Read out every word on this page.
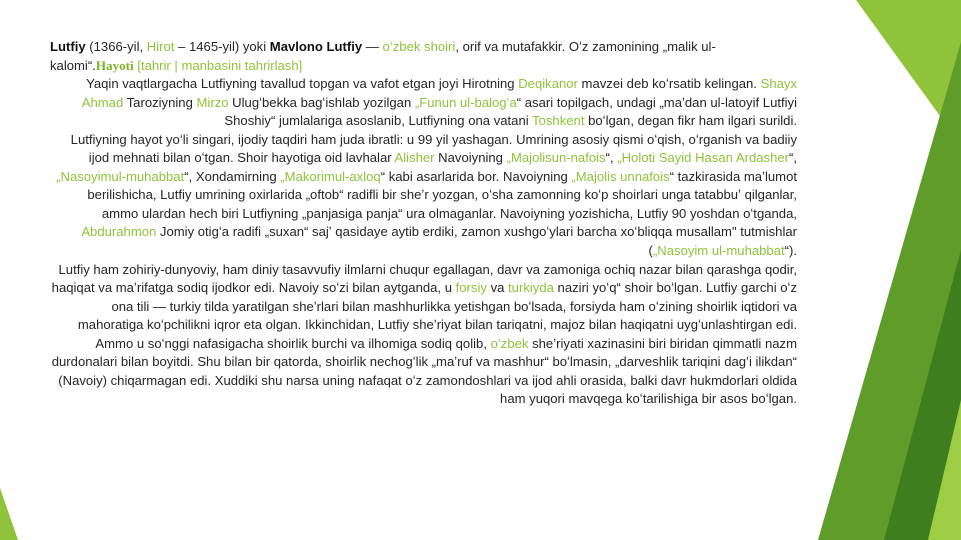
Lutfiy (1366-yil, Hirot – 1465-yil) yoki Mavlono Lutfiy — oʻzbek shoiri, orif va mutafakkir. Oʻz zamonining „malik ul-kalomi“.Hayoti [tahrir | manbasini tahrirlash]

Yaqin vaqtlargacha Lutfiyning tavallud topgan va vafot etgan joyi Hirotning Deqikanor mavzei deb koʻrsatib kelingan. Shayx Ahmad Taroziyning Mirzo Ulugʻbekka bagʻishlab yozilgan „Funun ul-balogʻa“ asari topilgach, undagi „maʼdan ul-latoyif Lutfiyi Shoshiy“ jumlalariga asoslanib, Lutfiyning ona vatani Toshkent boʻlgan, degan fikr ham ilgari surildi.

Lutfiyning hayot yoʻli singari, ijodiy taqdiri ham juda ibratli: u 99 yil yashagan. Umrining asosiy qismi oʻqish, oʻrganish va badiiy ijod mehnati bilan oʻtgan. Shoir hayotiga oid lavhalar Alisher Navoiyning „Majolisun-nafois“, „Holoti Sayid Hasan Ardasher“, „Nasoyimul-muhabbat“, Xondamirning „Makorimul-axloq“ kabi asarlarida bor. Navoiyning „Majolis unnafois“ tazkirasida maʼlumot berilishicha, Lutfiy umrining oxirlarida „oftob“ radifli bir sheʼr yozgan, oʻsha zamonning koʻp shoirlari unga tatabbuʼ qilganlar, ammo ulardan hech biri Lutfiyning „panjasiga panja“ ura olmaganlar. Navoiyning yozishicha, Lutfiy 90 yoshdan oʻtganda, Abdurahmon Jomiy otigʻa radifi „suxan“ sajʼ qasidaye aytib erdiki, zamon xushgoʻylari barcha xoʻbliqqa musallam" tutmishlar („Nasoyim ul-muhabbat“).

Lutfiy ham zohiriy-dunyoviy, ham diniy tasavvufiy ilmlarni chuqur egallagan, davr va zamoniga ochiq nazar bilan qarashga qodir, haqiqat va maʼrifatga sodiq ijodkor edi. Navoiy soʻzi bilan aytganda, u forsiy va turkiyda naziri yoʻq“ shoir boʻlgan. Lutfiy garchi oʻz ona tili — turkiy tilda yaratilgan sheʼrlari bilan mashhurlikka yetishgan boʻlsada, forsiyda ham oʻzining shoirlik iqtidori va mahoratiga koʻpchilikni iqror eta olgan. Ikkinchidan, Lutfiy sheʼriyat bilan tariqatni, majoz bilan haqiqatni uygʻunlashtirgan edi. Ammo u soʻnggi nafasigacha shoirlik burchi va ilhomiga sodiq qolib, oʻzbek sheʼriyati xazinasini biri biridan qimmatli nazm durdonalari bilan boyitdi. Shu bilan bir qatorda, shoirlik nechogʻlik „maʼruf va mashhur“ boʻlmasin, „darveshlik tariqini dagʻi ilikdan“ (Navoiy) chiqarmagan edi. Xuddiki shu narsa uning nafaqat oʻz zamondoshlari va ijod ahli orasida, balki davr hukmdorlari oldida ham yuqori mavqega koʻtarilishiga bir asos boʻlgan.
